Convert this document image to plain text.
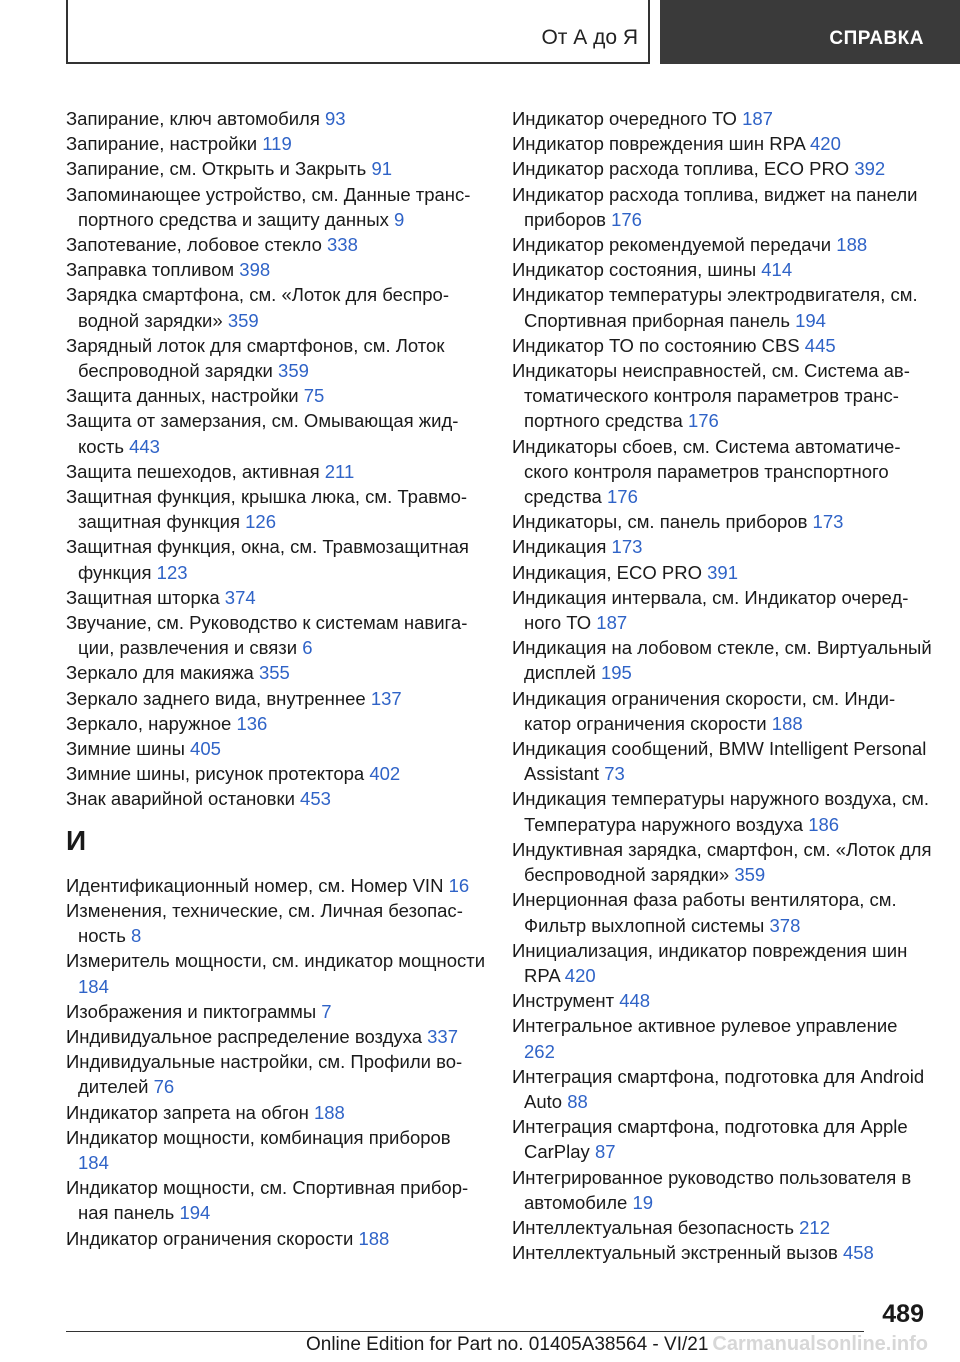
От А до Я	СПРАВКА

Запирание, ключ автомобиля 93

Запирание, настройки 119

Запирание, см. Открыть и Закрыть 91

Запоминающее устройство, см. Данные транспортного средства и защиту данных 9

Запотевание, лобовое стекло 338

Заправка топливом 398

Зарядка смартфона, см. «Лоток для беспроводной зарядки» 359

Зарядный лоток для смартфонов, см. Лоток беспроводной зарядки 359

Защита данных, настройки 75

Защита от замерзания, см. Омывающая жидкость 443

Защита пешеходов, активная 211

Защитная функция, крышка люка, см. Травмозащитная функция 126

Защитная функция, окна, см. Травмозащитная функция 123

Защитная шторка 374

Звучание, см. Руководство к системам навигации, развлечения и связи 6

Зеркало для макияжа 355

Зеркало заднего вида, внутреннее 137

Зеркало, наружное 136

Зимние шины 405

Зимние шины, рисунок протектора 402

Знак аварийной остановки 453

И

Идентификационный номер, см. Номер VIN 16

Изменения, технические, см. Личная безопасность 8

Измеритель мощности, см. индикатор мощности 184

Изображения и пиктограммы 7

Индивидуальное распределение воздуха 337

Индивидуальные настройки, см. Профили водителей 76

Индикатор запрета на обгон 188

Индикатор мощности, комбинация приборов 184

Индикатор мощности, см. Спортивная приборная панель 194

Индикатор ограничения скорости 188

Индикатор очередного ТО 187

Индикатор повреждения шин RPA 420

Индикатор расхода топлива, ECO PRO 392

Индикатор расхода топлива, виджет на панели приборов 176

Индикатор рекомендуемой передачи 188

Индикатор состояния, шины 414

Индикатор температуры электродвигателя, см. Спортивная приборная панель 194

Индикатор ТО по состоянию CBS 445

Индикаторы неисправностей, см. Система автоматического контроля параметров транспортного средства 176

Индикаторы сбоев, см. Система автоматического контроля параметров транспортного средства 176

Индикаторы, см. панель приборов 173

Индикация 173

Индикация, ECO PRO 391

Индикация интервала, см. Индикатор очередного ТО 187

Индикация на лобовом стекле, см. Виртуальный дисплей 195

Индикация ограничения скорости, см. Индикатор ограничения скорости 188

Индикация сообщений, BMW Intelligent Personal Assistant 73

Индикация температуры наружного воздуха, см. Температура наружного воздуха 186

Индуктивная зарядка, смартфон, см. «Лоток для беспроводной зарядки» 359

Инерционная фаза работы вентилятора, см. Фильтр выхлопной системы 378

Инициализация, индикатор повреждения шин RPA 420

Инструмент 448

Интегральное активное рулевое управление 262

Интеграция смартфона, подготовка для Android Auto 88

Интеграция смартфона, подготовка для Apple CarPlay 87

Интегрированное руководство пользователя в автомобиле 19

Интеллектуальная безопасность 212

Интеллектуальный экстренный вызов 458

489
Online Edition for Part no. 01405A38564 - VI/21 Carmanualsonline.info
